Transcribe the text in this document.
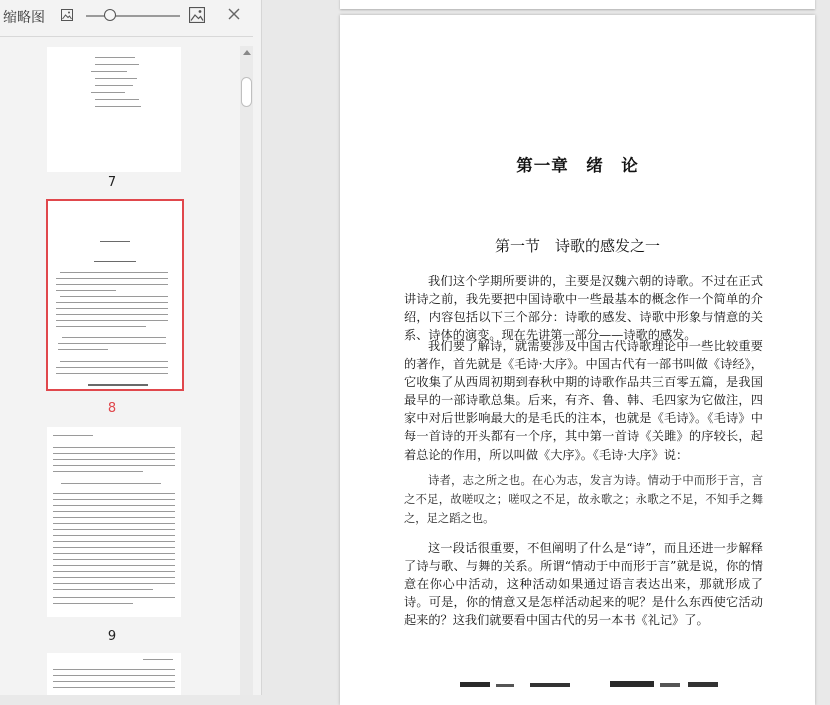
缩略图
7
8
9
第一章　绪　论
第一节　诗歌的感发之一
我们这个学期所要讲的，主要是汉魏六朝的诗歌。不过在正式讲诗之前，我先要把中国诗歌中一些最基本的概念作一个简单的介绍，内容包括以下三个部分：诗歌的感发、诗歌中形象与情意的关系、诗体的演变。现在先讲第一部分——诗歌的感发。
我们要了解诗，就需要涉及中国古代诗歌理论中一些比较重要的著作，首先就是《毛诗·大序》。中国古代有一部书叫做《诗经》，它收集了从西周初期到春秋中期的诗歌作品共三百零五篇，是我国最早的一部诗歌总集。后来，有齐、鲁、韩、毛四家为它做注，四家中对后世影响最大的是毛氏的注本，也就是《毛诗》。《毛诗》中每一首诗的开头都有一个序，其中第一首诗《关雎》的序较长，起着总论的作用，所以叫做《大序》。《毛诗·大序》说：
诗者，志之所之也。在心为志，发言为诗。情动于中而形于言，言之不足，故嗟叹之；嗟叹之不足，故永歌之；永歌之不足，不知手之舞之，足之蹈之也。
这一段话很重要，不但阐明了什么是“诗”，而且还进一步解释了诗与歌、与舞的关系。所谓“情动于中而形于言”就是说，你的情意在你心中活动，这种活动如果通过语言表达出来，那就形成了诗。可是，你的情意又是怎样活动起来的呢？是什么东西使它活动起来的？这我们就要看中国古代的另一本书《礼记》了。
